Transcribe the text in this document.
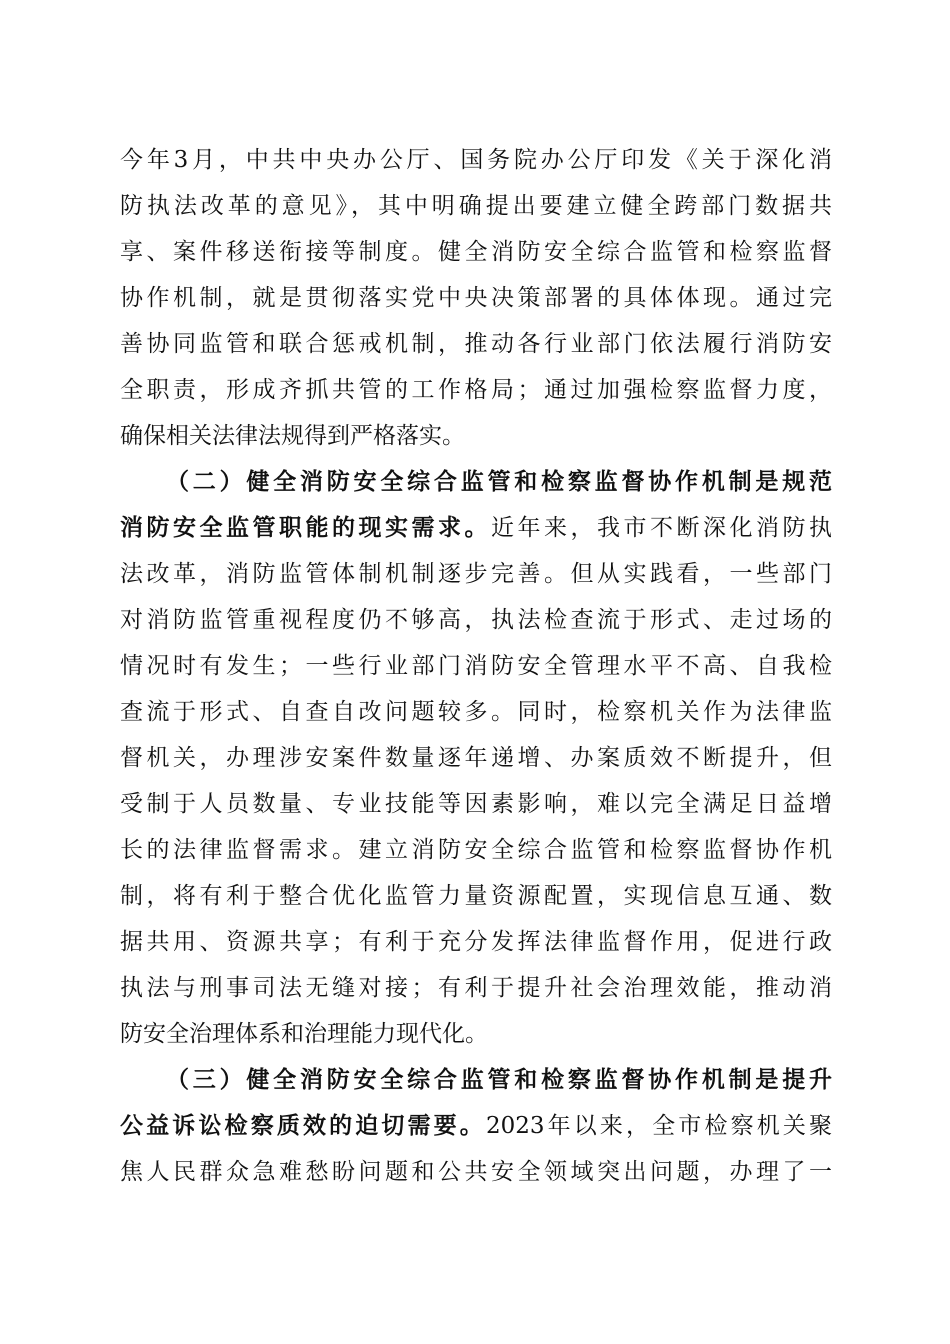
今年3月，中共中央办公厅、国务院办公厅印发《关于深化消
防执法改革的意见》，其中明确提出要建立健全跨部门数据共
享、案件移送衔接等制度。健全消防安全综合监管和检察监督
协作机制，就是贯彻落实党中央决策部署的具体体现。通过完
善协同监管和联合惩戒机制，推动各行业部门依法履行消防安
全职责，形成齐抓共管的工作格局；通过加强检察监督力度，
确保相关法律法规得到严格落实。
（二）健全消防安全综合监管和检察监督协作机制是规范
消防安全监管职能的现实需求。近年来，我市不断深化消防执
法改革，消防监管体制机制逐步完善。但从实践看，一些部门
对消防监管重视程度仍不够高，执法检查流于形式、走过场的
情况时有发生；一些行业部门消防安全管理水平不高、自我检
查流于形式、自查自改问题较多。同时，检察机关作为法律监
督机关，办理涉安案件数量逐年递增、办案质效不断提升，但
受制于人员数量、专业技能等因素影响，难以完全满足日益增
长的法律监督需求。建立消防安全综合监管和检察监督协作机
制，将有利于整合优化监管力量资源配置，实现信息互通、数
据共用、资源共享；有利于充分发挥法律监督作用，促进行政
执法与刑事司法无缝对接；有利于提升社会治理效能，推动消
防安全治理体系和治理能力现代化。
（三）健全消防安全综合监管和检察监督协作机制是提升
公益诉讼检察质效的迫切需要。2023年以来，全市检察机关聚
焦人民群众急难愁盼问题和公共安全领域突出问题，办理了一
